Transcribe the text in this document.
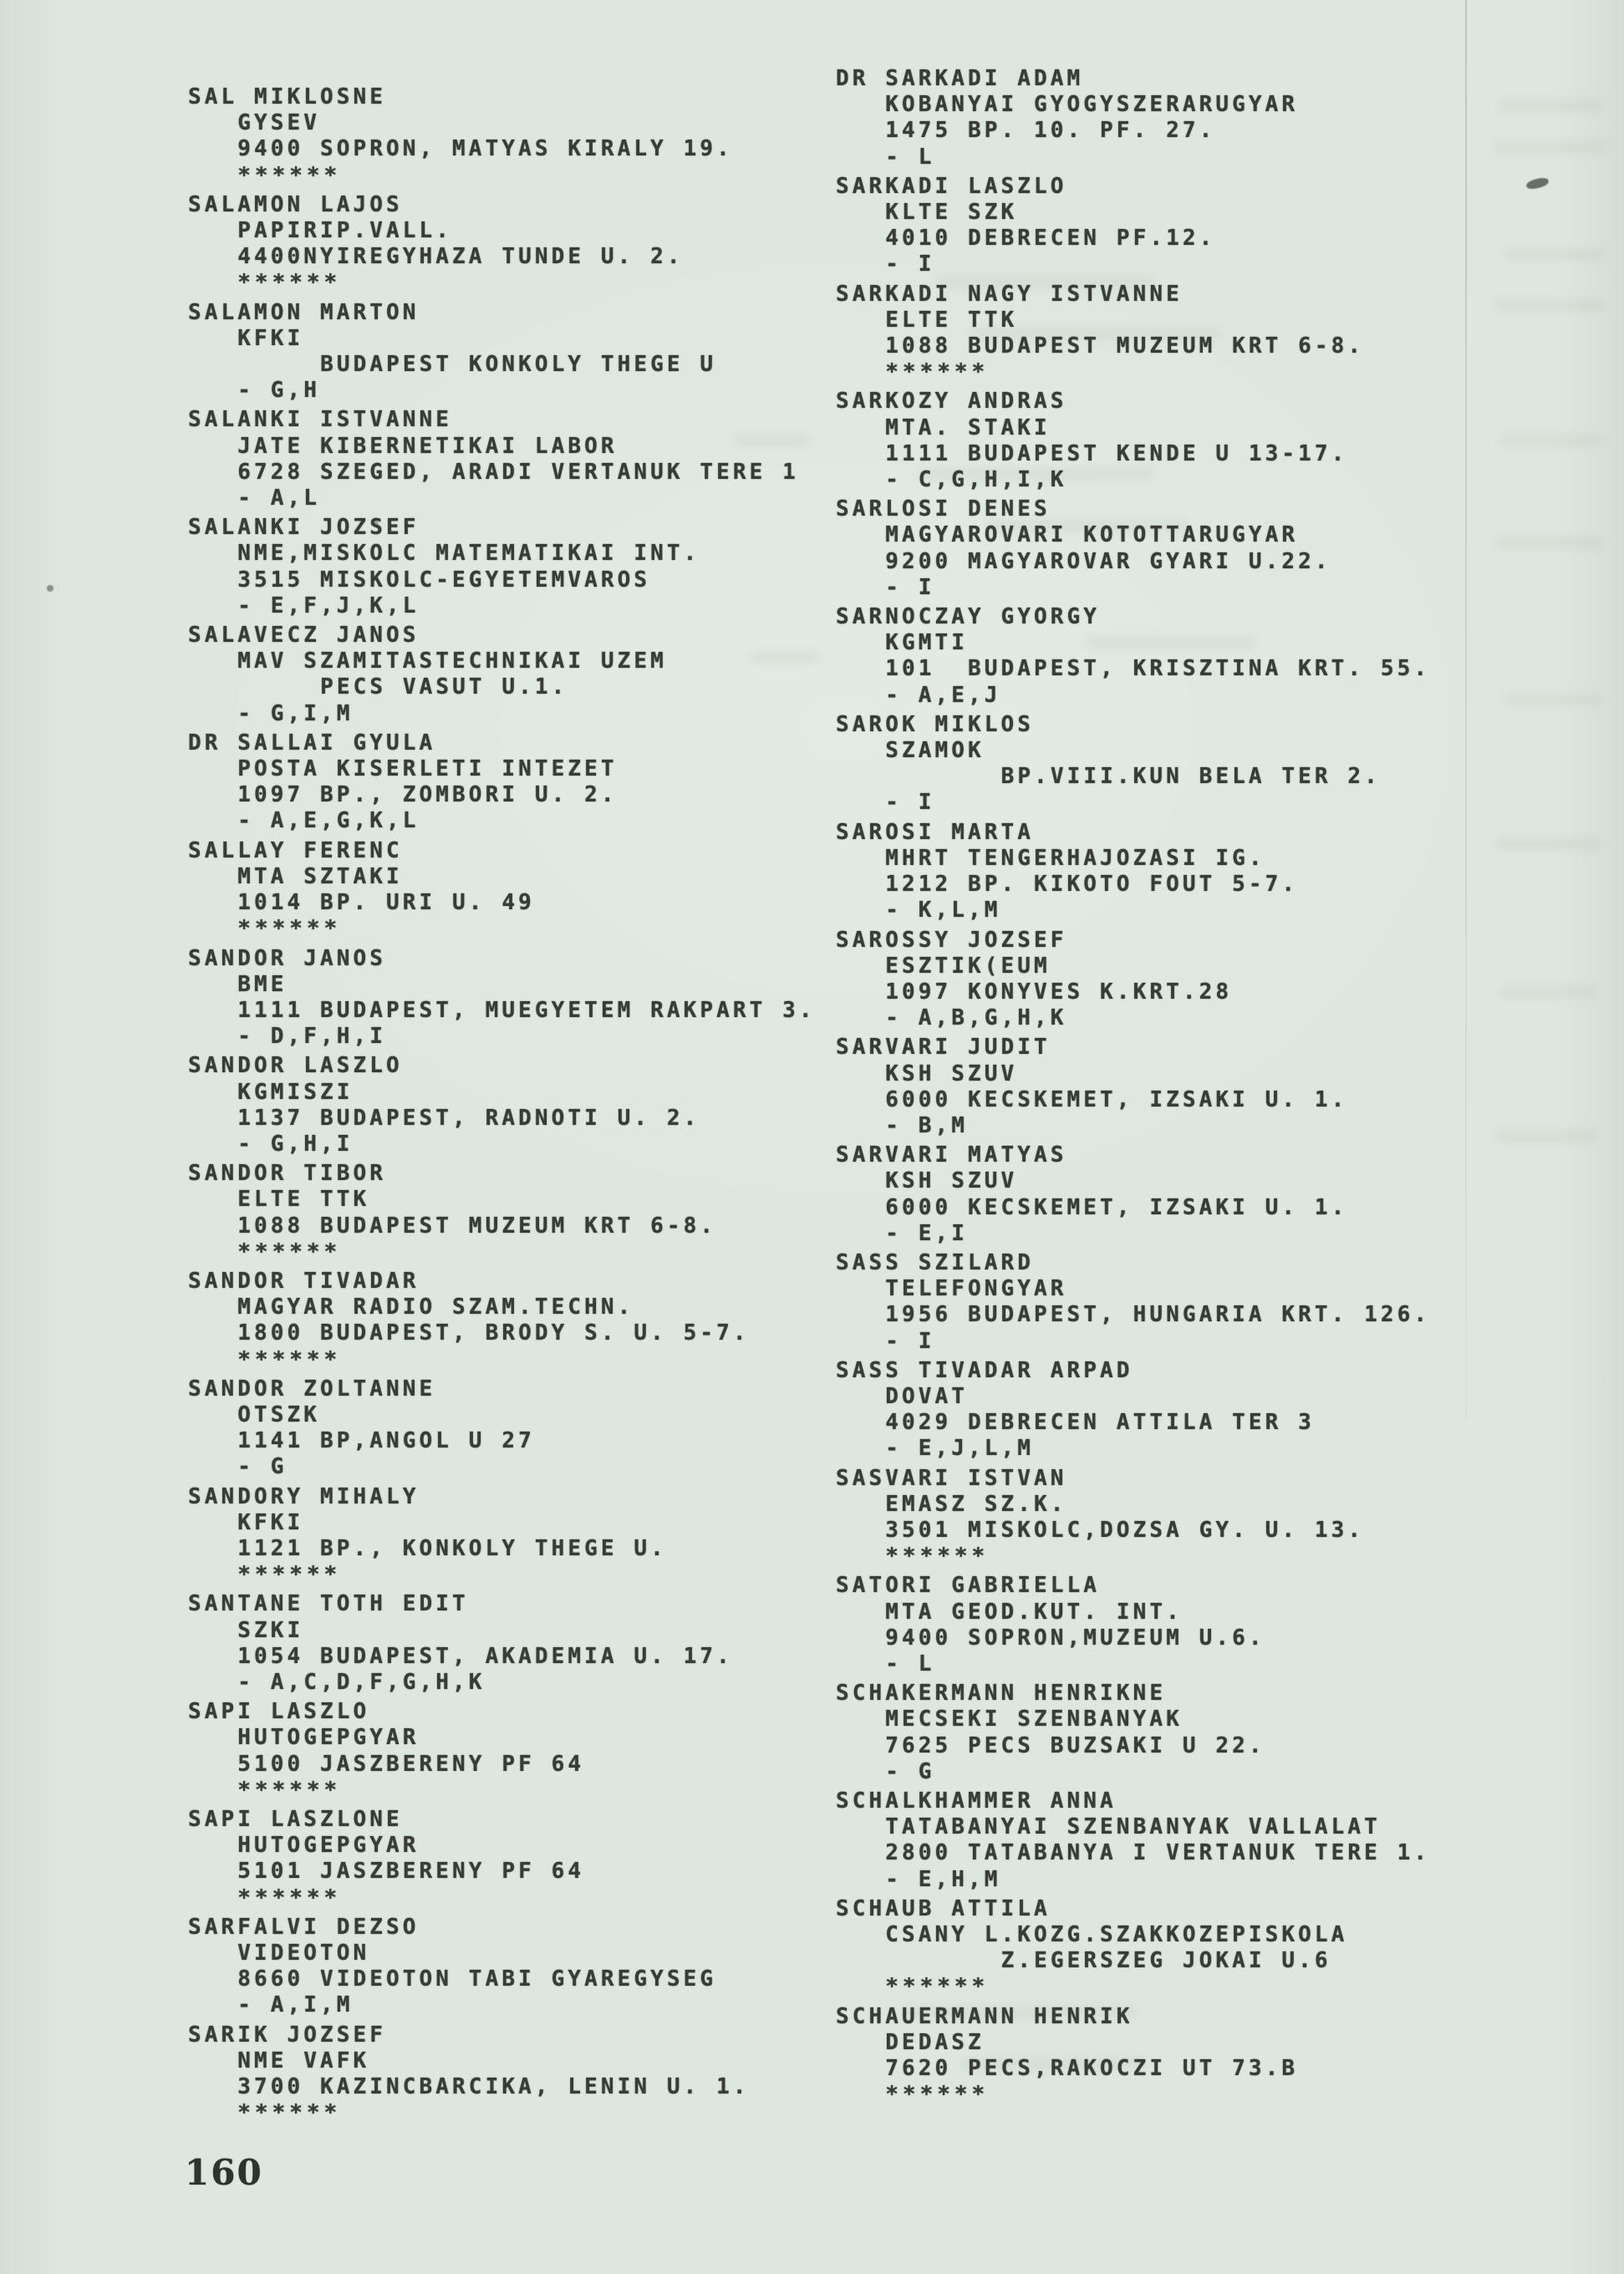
SAL MIKLOSNE
GYSEV
9400 SOPRON, MATYAS KIRALY 19.
******
SALAMON LAJOS
PAPIRIP.VALL.
4400NYIREGYHAZA TUNDE U. 2.
******
SALAMON MARTON
KFKI
BUDAPEST KONKOLY THEGE U
- G,H
SALANKI ISTVANNE
JATE KIBERNETIKAI LABOR
6728 SZEGED, ARADI VERTANUK TERE 1
- A,L
SALANKI JOZSEF
NME,MISKOLC MATEMATIKAI INT.
3515 MISKOLC-EGYETEMVAROS
- E,F,J,K,L
SALAVECZ JANOS
MAV SZAMITASTECHNIKAI UZEM
PECS VASUT U.1.
- G,I,M
DR SALLAI GYULA
POSTA KISERLETI INTEZET
1097 BP., ZOMBORI U. 2.
- A,E,G,K,L
SALLAY FERENC
MTA SZTAKI
1014 BP. URI U. 49
******
SANDOR JANOS
BME
1111 BUDAPEST, MUEGYETEM RAKPART 3.
- D,F,H,I
SANDOR LASZLO
KGMISZI
1137 BUDAPEST, RADNOTI U. 2.
- G,H,I
SANDOR TIBOR
ELTE TTK
1088 BUDAPEST MUZEUM KRT 6-8.
******
SANDOR TIVADAR
MAGYAR RADIO SZAM.TECHN.
1800 BUDAPEST, BRODY S. U. 5-7.
******
SANDOR ZOLTANNE
OTSZK
1141 BP,ANGOL U 27
- G
SANDORY MIHALY
KFKI
1121 BP., KONKOLY THEGE U.
******
SANTANE TOTH EDIT
SZKI
1054 BUDAPEST, AKADEMIA U. 17.
- A,C,D,F,G,H,K
SAPI LASZLO
HUTOGEPGYAR
5100 JASZBERENY PF 64
******
SAPI LASZLONE
HUTOGEPGYAR
5101 JASZBERENY PF 64
******
SARFALVI DEZSO
VIDEOTON
8660 VIDEOTON TABI GYAREGYSEG
- A,I,M
SARIK JOZSEF
NME VAFK
3700 KAZINCBARCIKA, LENIN U. 1.
******
DR SARKADI ADAM
KOBANYAI GYOGYSZERARUGYAR
1475 BP. 10. PF. 27.
- L
SARKADI LASZLO
KLTE SZK
4010 DEBRECEN PF.12.
- I
SARKADI NAGY ISTVANNE
ELTE TTK
1088 BUDAPEST MUZEUM KRT 6-8.
******
SARKOZY ANDRAS
MTA. STAKI
1111 BUDAPEST KENDE U 13-17.
- C,G,H,I,K
SARLOSI DENES
MAGYAROVARI KOTOTTARUGYAR
9200 MAGYAROVAR GYARI U.22.
- I
SARNOCZAY GYORGY
KGMTI
101  BUDAPEST, KRISZTINA KRT. 55.
- A,E,J
SAROK MIKLOS
SZAMOK
BP.VIII.KUN BELA TER 2.
- I
SAROSI MARTA
MHRT TENGERHAJOZASI IG.
1212 BP. KIKOTO FOUT 5-7.
- K,L,M
SAROSSY JOZSEF
ESZTIK(EUM
1097 KONYVES K.KRT.28
- A,B,G,H,K
SARVARI JUDIT
KSH SZUV
6000 KECSKEMET, IZSAKI U. 1.
- B,M
SARVARI MATYAS
KSH SZUV
6000 KECSKEMET, IZSAKI U. 1.
- E,I
SASS SZILARD
TELEFONGYAR
1956 BUDAPEST, HUNGARIA KRT. 126.
- I
SASS TIVADAR ARPAD
DOVAT
4029 DEBRECEN ATTILA TER 3
- E,J,L,M
SASVARI ISTVAN
EMASZ SZ.K.
3501 MISKOLC,DOZSA GY. U. 13.
******
SATORI GABRIELLA
MTA GEOD.KUT. INT.
9400 SOPRON,MUZEUM U.6.
- L
SCHAKERMANN HENRIKNE
MECSEKI SZENBANYAK
7625 PECS BUZSAKI U 22.
- G
SCHALKHAMMER ANNA
TATABANYAI SZENBANYAK VALLALAT
2800 TATABANYA I VERTANUK TERE 1.
- E,H,M
SCHAUB ATTILA
CSANY L.KOZG.SZAKKOZEPISKOLA
Z.EGERSZEG JOKAI U.6
******
SCHAUERMANN HENRIK
DEDASZ
7620 PECS,RAKOCZI UT 73.B
******
160
